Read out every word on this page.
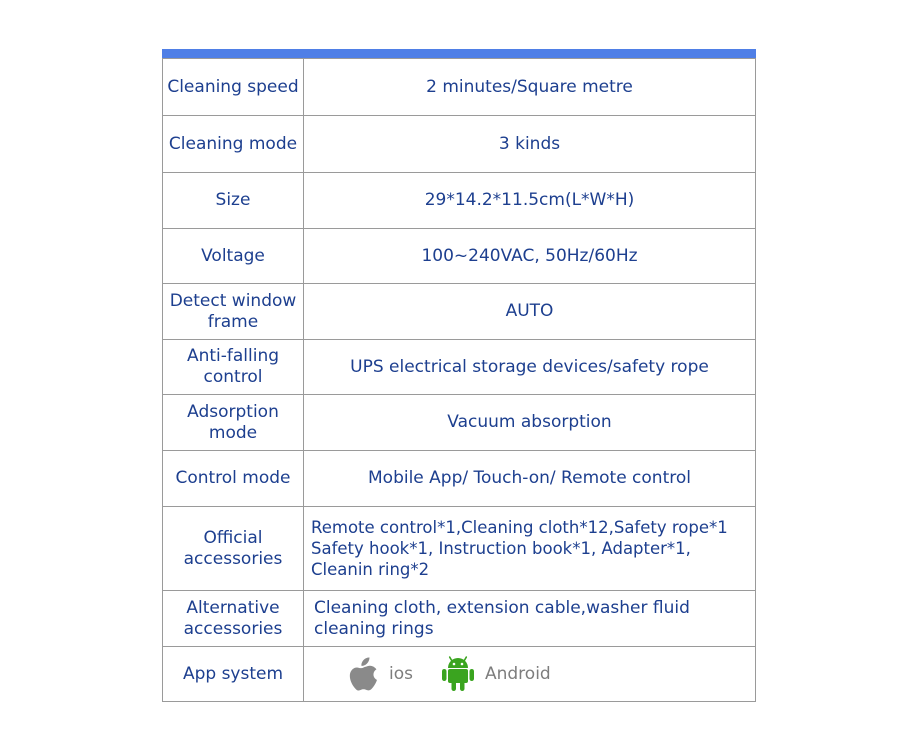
Cleaning speed	2 minutes/Square metre

Cleaning mode	3 kinds

Size	29*14.2*11.5cm(L*W*H)

Voltage	100~240VAC, 50Hz/60Hz

Detect window
frame	AUTO

Anti-falling
control	UPS electrical storage devices/safety rope

Adsorption
mode	Vacuum absorption

Control mode	Mobile App/ Touch-on/ Remote control

Official
accessories	Remote control*1,Cleaning cloth*12,Safety rope*1
Safety hook*1, Instruction book*1, Adapter*1,
Cleanin ring*2

Alternative
accessories	Cleaning cloth, extension cable,washer fluid
cleaning rings

App system	ios Android
